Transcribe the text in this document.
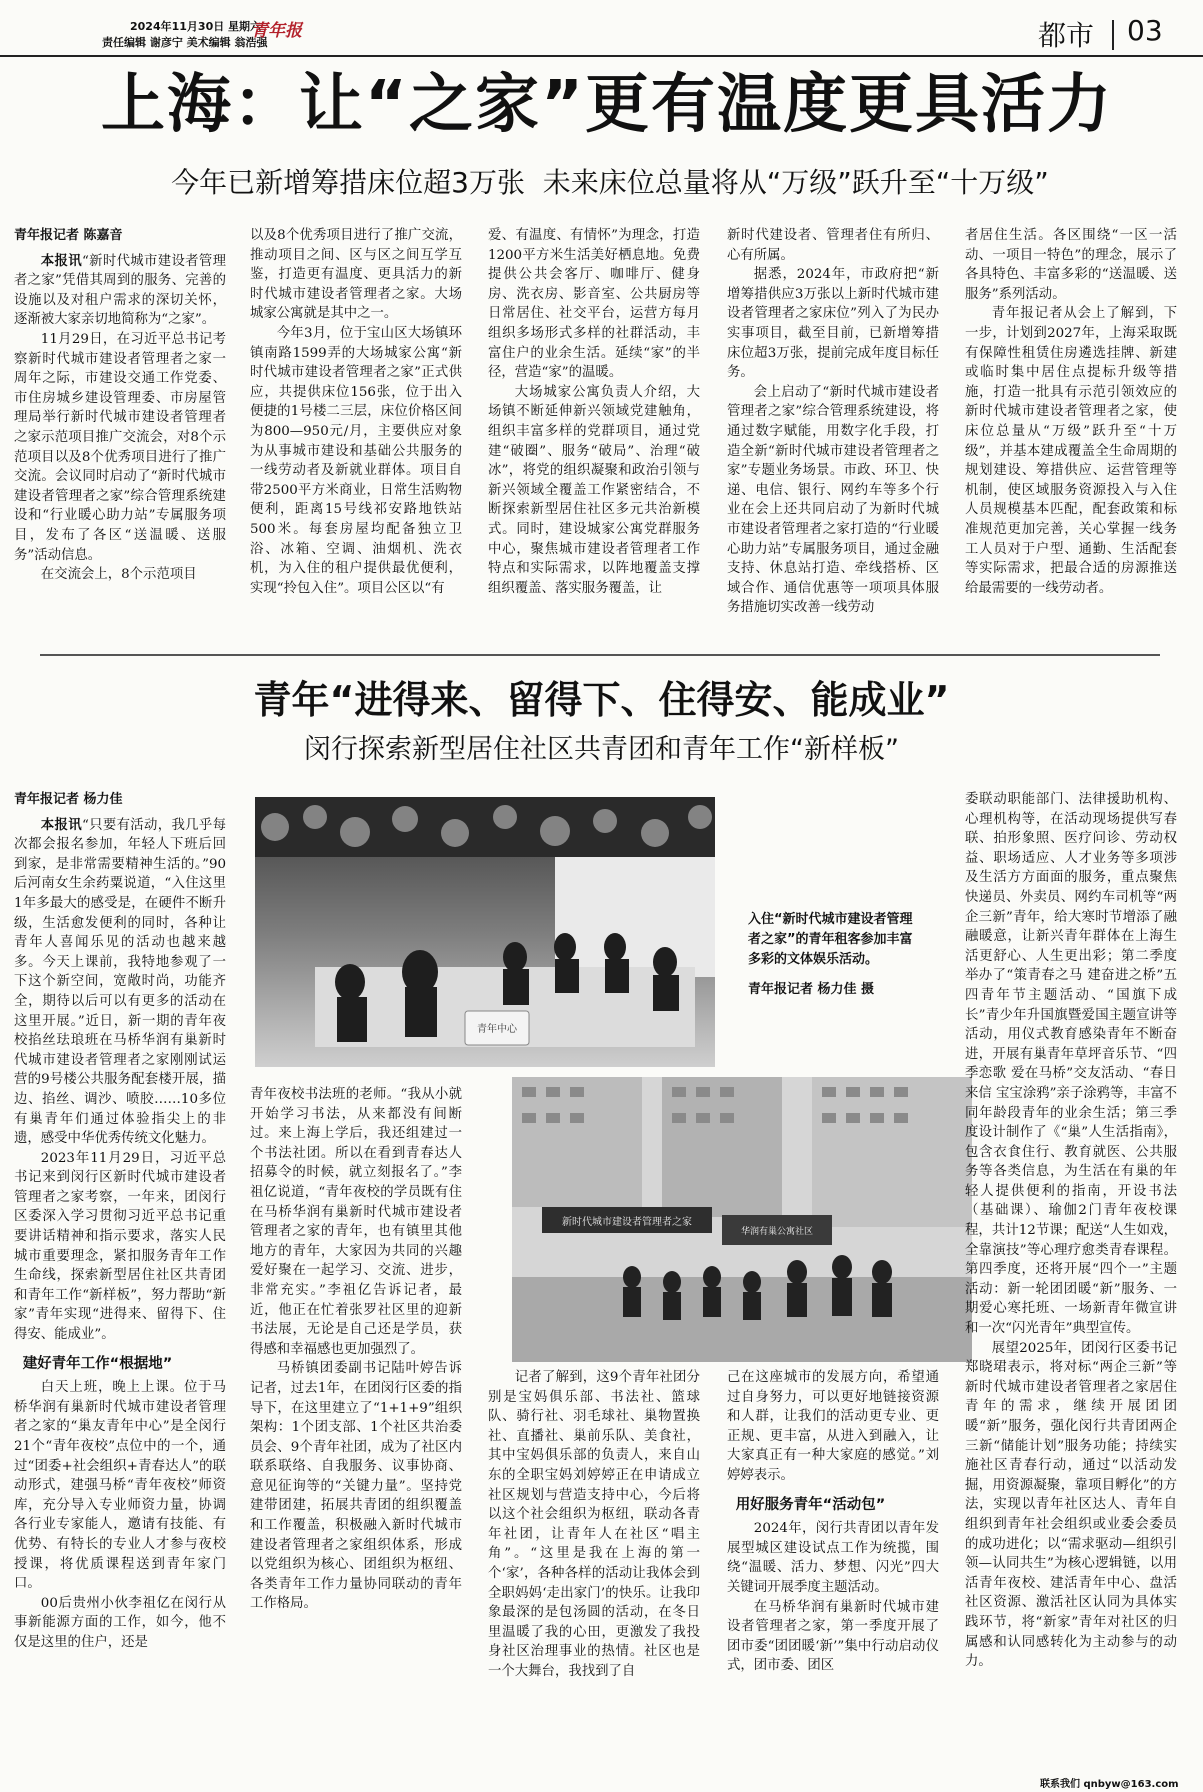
2024年11月30日 星期六
责任编辑 谢彦宁 美术编辑 翁浩强
青年报	都市 03
上海：让“之家”更有温度更具活力
今年已新增筹措床位超3万张  未来床位总量将从“万级”跃升至“十万级”

青年报记者 陈嘉音

本报讯“新时代城市建设者管理者之家”凭借其周到的服务、完善的设施以及对租户需求的深切关怀，逐渐被大家亲切地简称为“之家”。

11月29日，在习近平总书记考察新时代城市建设者管理者之家一周年之际，市建设交通工作党委、市住房城乡建设管理委、市房屋管理局举行新时代城市建设者管理者之家示范项目推广交流会，对8个示范项目以及8个优秀项目进行了推广交流。会议同时启动了“新时代城市建设者管理者之家”综合管理系统建设和“行业暖心助力站”专属服务项目，发布了各区“送温暖、送服务”活动信息。

在交流会上，8个示范项目

以及8个优秀项目进行了推广交流，推动项目之间、区与区之间互学互鉴，打造更有温度、更具活力的新时代城市建设者管理者之家。大场城家公寓就是其中之一。

今年3月，位于宝山区大场镇环镇南路1599弄的大场城家公寓“新时代城市建设者管理者之家”正式供应，共提供床位156张，位于出入便捷的1号楼二三层，床位价格区间为800—950元/月，主要供应对象为从事城市建设和基础公共服务的一线劳动者及新就业群体。项目自带2500平方米商业，日常生活购物便利，距离15号线祁安路地铁站500米。每套房屋均配备独立卫浴、冰箱、空调、油烟机、洗衣机，为入住的租户提供最优便利，实现“拎包入住”。项目公区以“有

爱、有温度、有情怀”为理念，打造1200平方米生活美好栖息地。免费提供公共会客厅、咖啡厅、健身房、洗衣房、影音室、公共厨房等日常居住、社交平台，运营方每月组织多场形式多样的社群活动，丰富住户的业余生活。延续“家”的半径，营造“家”的温暖。

大场城家公寓负责人介绍，大场镇不断延伸新兴领域党建触角，组织丰富多样的党群项目，通过党建“破圈”、服务“破局”、治理“破冰”，将党的组织凝聚和政治引领与新兴领域全覆盖工作紧密结合，不断探索新型居住社区多元共治新模式。同时，建设城家公寓党群服务中心，聚焦城市建设者管理者工作特点和实际需求，以阵地覆盖支撑组织覆盖、落实服务覆盖，让

新时代建设者、管理者住有所归、心有所属。

据悉，2024年，市政府把“新增筹措供应3万张以上新时代城市建设者管理者之家床位”列入了为民办实事项目，截至目前，已新增筹措床位超3万张，提前完成年度目标任务。

会上启动了“新时代城市建设者管理者之家”综合管理系统建设，将通过数字赋能，用数字化手段，打造全新“新时代城市建设者管理者之家”专题业务场景。市政、环卫、快递、电信、银行、网约车等多个行业在会上还共同启动了为新时代城市建设者管理者之家打造的“行业暖心助力站”专属服务项目，通过金融支持、休息站打造、牵线搭桥、区域合作、通信优惠等一项项具体服务措施切实改善一线劳动

者居住生活。各区围绕“一区一活动、一项目一特色”的理念，展示了各具特色、丰富多彩的“送温暖、送服务”系列活动。

青年报记者从会上了解到，下一步，计划到2027年，上海采取既有保障性租赁住房遴选挂牌、新建或临时集中居住点提标升级等措施，打造一批具有示范引领效应的新时代城市建设者管理者之家，使床位总量从“万级”跃升至“十万级”，并基本建成覆盖全生命周期的规划建设、筹措供应、运营管理等机制，使区域服务资源投入与入住人员规模基本匹配，配套政策和标准规范更加完善，关心掌握一线务工人员对于户型、通勤、生活配套等实际需求，把最合适的房源推送给最需要的一线劳动者。

青年“进得来、留得下、住得安、能成业”
闵行探索新型居住社区共青团和青年工作“新样板”

青年报记者 杨力佳

本报讯“只要有活动，我几乎每次都会报名参加，年轻人下班后回到家，是非常需要精神生活的。”90后河南女生余药粟说道，“入住这里1年多最大的感受是，在硬件不断升级，生活愈发便利的同时，各种让青年人喜闻乐见的活动也越来越多。今天上课前，我特地参观了一下这个新空间，宽敞时尚，功能齐全，期待以后可以有更多的活动在这里开展。”近日，新一期的青年夜校掐丝珐琅班在马桥华润有巢新时代城市建设者管理者之家刚刚试运营的9号楼公共服务配套楼开展，描边、掐丝、调沙、喷胶……10多位有巢青年们通过体验指尖上的非遗，感受中华优秀传统文化魅力。

2023年11月29日，习近平总书记来到闵行区新时代城市建设者管理者之家考察，一年来，团闵行区委深入学习贯彻习近平总书记重要讲话精神和指示要求，落实人民城市重要理念，紧扣服务青年工作生命线，探索新型居住社区共青团和青年工作“新样板”，努力帮助“新家”青年实现“进得来、留得下、住得安、能成业”。

建好青年工作“根据地”

白天上班，晚上上课。位于马桥华润有巢新时代城市建设者管理者之家的“巢友青年中心”是全闵行21个“青年夜校”点位中的一个，通过“团委+社会组织+青春达人”的联动形式，建强马桥“青年夜校”师资库，充分导入专业师资力量，协调各行业专家能人，邀请有技能、有优势、有特长的专业人才参与夜校授课，将优质课程送到青年家门口。

00后贵州小伙李祖亿在闵行从事新能源方面的工作，如今，他不仅是这里的住户，还是

青年中心
入住“新时代城市建设者管理者之家”的青年租客参加丰富多彩的文体娱乐活动。
青年报记者 杨力佳 摄
新时代城市建设者管理者之家
华润有巢公寓社区

青年夜校书法班的老师。“我从小就开始学习书法，从来都没有间断过。来上海上学后，我还组建过一个书法社团。所以在看到青春达人招募令的时候，就立刻报名了。”李祖亿说道，“青年夜校的学员既有住在马桥华润有巢新时代城市建设者管理者之家的青年，也有镇里其他地方的青年，大家因为共同的兴趣爱好聚在一起学习、交流、进步，非常充实。”李祖亿告诉记者，最近，他正在忙着张罗社区里的迎新书法展，无论是自己还是学员，获得感和幸福感也更加强烈了。

马桥镇团委副书记陆叶婷告诉记者，过去1年，在团闵行区委的指导下，在这里建立了“1+1+9”组织架构：1个团支部、1个社区共治委员会、9个青年社团，成为了社区内联系联络、自我服务、议事协商、意见征询等的“关键力量”。坚持党建带团建，拓展共青团的组织覆盖和工作覆盖，积极融入新时代城市建设者管理者之家组织体系，形成以党组织为核心、团组织为枢纽、各类青年工作力量协同联动的青年工作格局。

记者了解到，这9个青年社团分别是宝妈俱乐部、书法社、篮球队、骑行社、羽毛球社、巢物置换社、直播社、巢前乐队、美食社，其中宝妈俱乐部的负责人，来自山东的全职宝妈刘婷婷正在申请成立社区规划与营造支持中心，今后将以这个社会组织为枢纽，联动各青年社团，让青年人在社区“唱主角”。“这里是我在上海的第一个‘家’，各种各样的活动让我体会到全职妈妈‘走出家门’的快乐。让我印象最深的是包汤圆的活动，在冬日里温暖了我的心田，更激发了我投身社区治理事业的热情。社区也是一个大舞台，我找到了自

己在这座城市的发展方向，希望通过自身努力，可以更好地链接资源和人群，让我们的活动更专业、更正规、更丰富，从进入到融入，让大家真正有一种大家庭的感觉。”刘婷婷表示。

用好服务青年“活动包”

2024年，闵行共青团以青年发展型城区建设试点工作为统揽，围绕“温暖、活力、梦想、闪光”四大关键词开展季度主题活动。

在马桥华润有巢新时代城市建设者管理者之家，第一季度开展了团市委“团团暖‘新’”集中行动启动仪式，团市委、团区

委联动职能部门、法律援助机构、心理机构等，在活动现场提供写春联、拍形象照、医疗问诊、劳动权益、职场适应、人才业务等多项涉及生活方方面面的服务，重点聚焦快递员、外卖员、网约车司机等“两企三新”青年，给大寒时节增添了融融暖意，让新兴青年群体在上海生活更舒心、人生更出彩；第二季度举办了“策青春之马 建奋进之桥”五四青年节主题活动、“国旗下成长”青少年升国旗暨爱国主题宣讲等活动，用仪式教育感染青年不断奋进，开展有巢青年草坪音乐节、“四季恋歌 爱在马桥”交友活动、“春日来信 宝宝涂鸦”亲子涂鸦等，丰富不同年龄段青年的业余生活；第三季度设计制作了《“巢”人生活指南》，包含衣食住行、教育就医、公共服务等各类信息，为生活在有巢的年轻人提供便利的指南，开设书法（基础课）、瑜伽2门青年夜校课程，共计12节课；配送“人生如戏，全靠演技”等心理疗愈类青春课程。第四季度，还将开展“四个一”主题活动：新一轮团团暖“新”服务、一期爱心寒托班、一场新青年微宣讲和一次“闪光青年”典型宣传。

展望2025年，团闵行区委书记郑晓珺表示，将对标“两企三新”等新时代城市建设者管理者之家居住青年的需求，继续开展团团暖“新”服务，强化闵行共青团两企三新“储能计划”服务功能；持续实施社区青春行动，通过“以活动发掘，用资源凝聚，靠项目孵化”的方法，实现以青年社区达人、青年自组织到青年社会组织或业委会委员的成功进化；以“需求驱动—组织引领—认同共生”为核心逻辑链，以用活青年夜校、建活青年中心、盘活社区资源、激活社区认同为具体实践环节，将“新家”青年对社区的归属感和认同感转化为主动参与的动力。

联系我们 qnbyw@163.com
